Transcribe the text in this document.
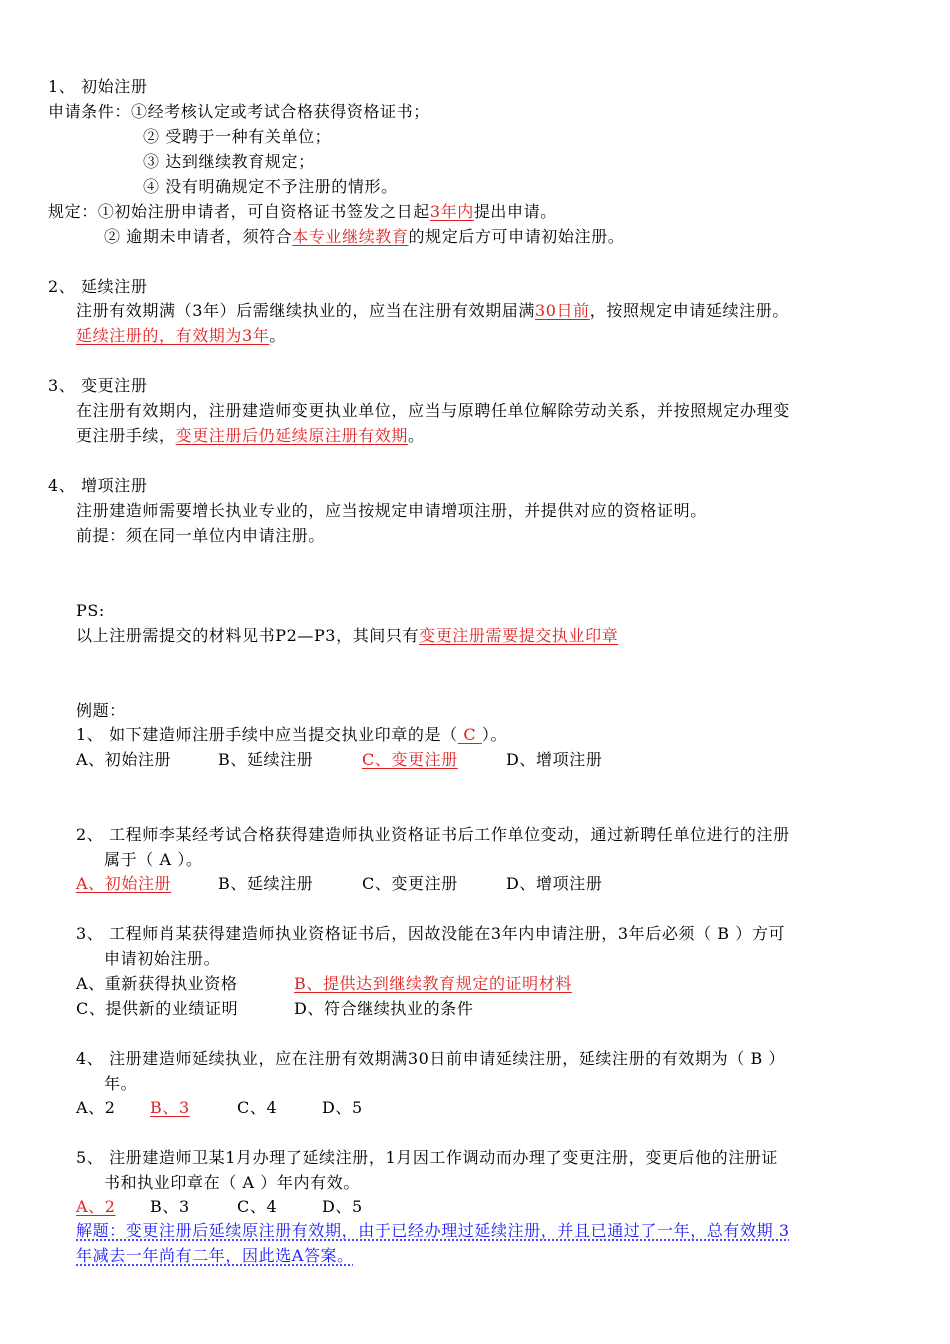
1、 初始注册
申请条件：①经考核认定或考试合格获得资格证书；
② 受聘于一种有关单位；
③ 达到继续教育规定；
④ 没有明确规定不予注册的情形。
规定：①初始注册申请者，可自资格证书签发之日起3年内提出申请。
② 逾期未申请者，须符合本专业继续教育的规定后方可申请初始注册。
2、 延续注册
注册有效期满（3年）后需继续执业的，应当在注册有效期届满30日前，按照规定申请延续注册。
延续注册的，有效期为3年。
3、 变更注册
在注册有效期内，注册建造师变更执业单位，应当与原聘任单位解除劳动关系，并按照规定办理变
更注册手续，变更注册后仍延续原注册有效期。
4、 增项注册
注册建造师需要增长执业专业的，应当按规定申请增项注册，并提供对应的资格证明。
前提：须在同一单位内申请注册。
PS:
以上注册需提交的材料见书P2—P3，其间只有变更注册需要提交执业印章
例题：
1、 如下建造师注册手续中应当提交执业印章的是（ C ）。
A、初始注册	B、延续注册	C、变更注册	D、增项注册
2、 工程师李某经考试合格获得建造师执业资格证书后工作单位变动，通过新聘任单位进行的注册
属于（ A ）。
A、初始注册	B、延续注册	C、变更注册	D、增项注册
3、 工程师肖某获得建造师执业资格证书后，因故没能在3年内申请注册，3年后必须（ B ）方可
申请初始注册。
A、重新获得执业资格	B、提供达到继续教育规定的证明材料
C、提供新的业绩证明	D、符合继续执业的条件
4、 注册建造师延续执业，应在注册有效期满30日前申请延续注册，延续注册的有效期为（ B ）
年。
A、2 B、3	C、4	D、5
5、 注册建造师卫某1月办理了延续注册，1月因工作调动而办理了变更注册，变更后他的注册证
书和执业印章在（ A ）年内有效。
A、2 B、3	C、4	D、5
解题：变更注册后延续原注册有效期，由于已经办理过延续注册，并且已通过了一年，总有效期 3
年减去一年尚有二年，因此选A答案。
